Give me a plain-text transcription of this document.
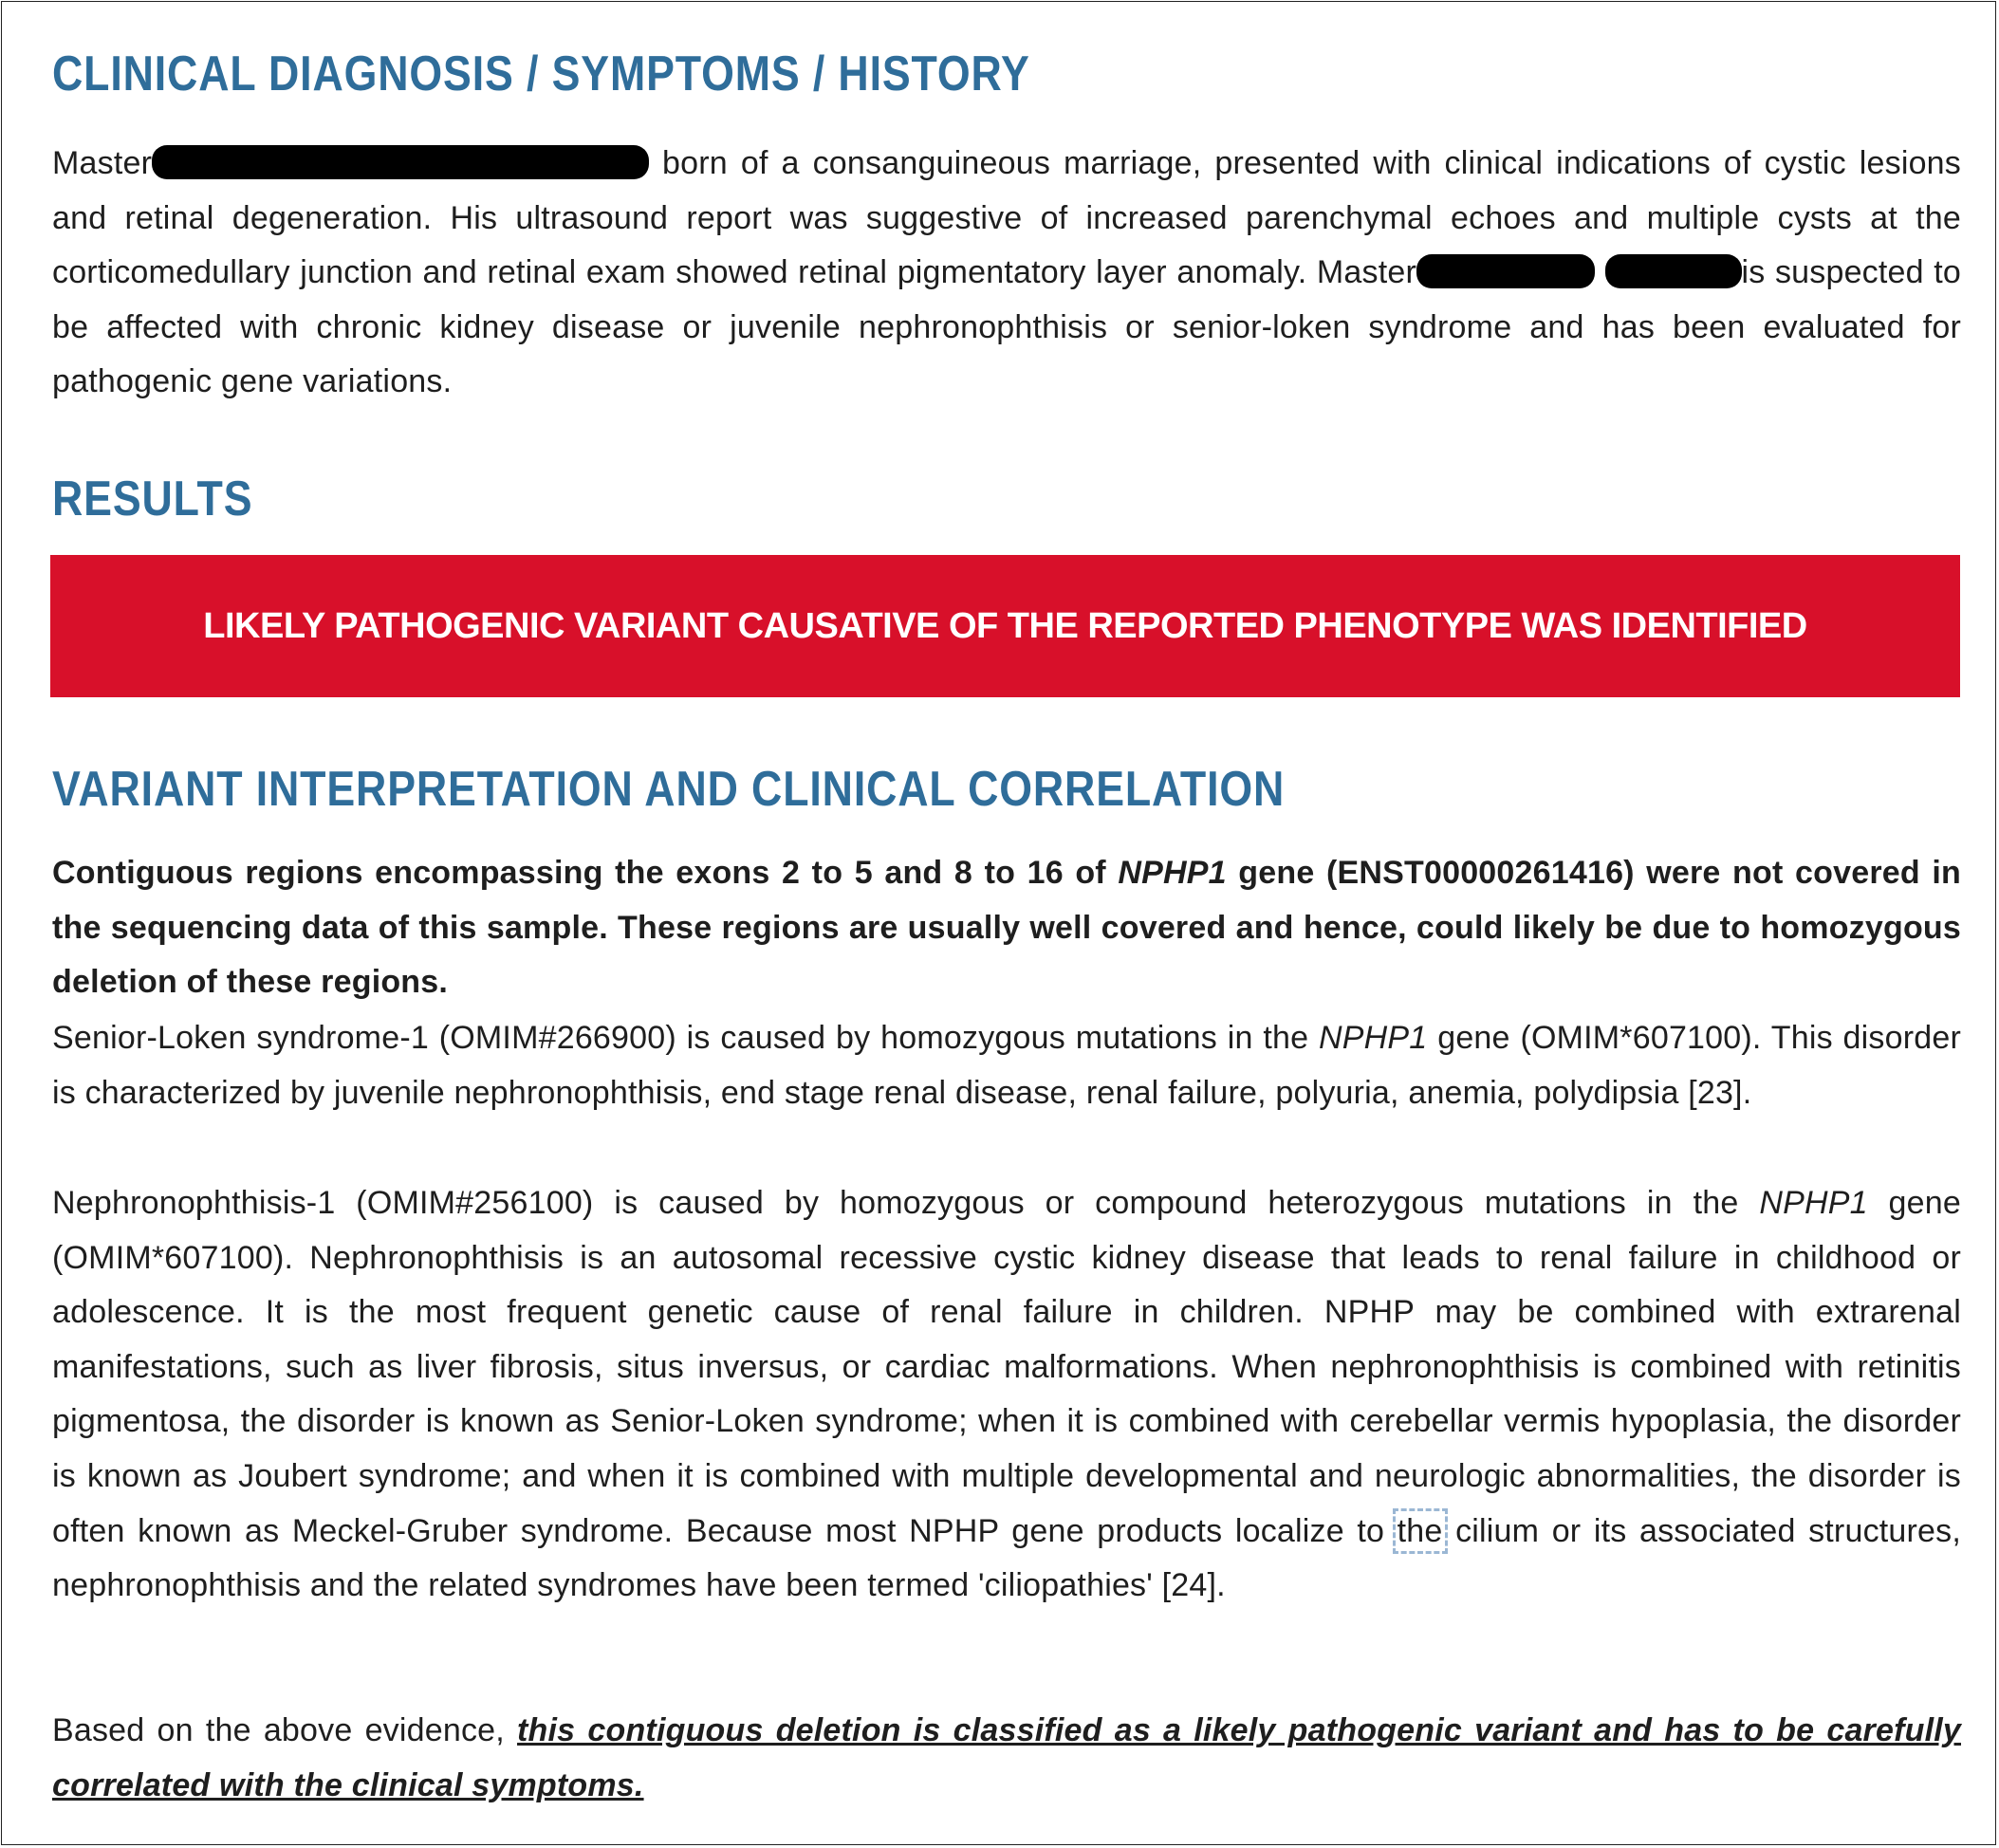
CLINICAL DIAGNOSIS / SYMPTOMS / HISTORY

Master	born of a consanguineous marriage, presented with clinical indications of cystic lesions and retinal degeneration. His ultrasound report was suggestive of increased parenchymal echoes and multiple cysts at the corticomedullary junction and retinal exam showed retinal pigmentatory layer anomaly. Master	is suspected to be affected with chronic kidney disease or juvenile nephronophthisis or senior-loken syndrome and has been evaluated for pathogenic gene variations.

RESULTS
VARIANT INTERPRETATION AND CLINICAL CORRELATION

Contiguous regions encompassing the exons 2 to 5 and 8 to 16 of NPHP1 gene (ENST00000261416) were not covered in the sequencing data of this sample. These regions are usually well covered and hence, could likely be due to homozygous deletion of these regions.

Senior-Loken syndrome-1 (OMIM#266900) is caused by homozygous mutations in the NPHP1 gene (OMIM*607100). This disorder is characterized by juvenile nephronophthisis, end stage renal disease, renal failure, polyuria, anemia, polydipsia [23].

Nephronophthisis-1 (OMIM#256100) is caused by homozygous or compound heterozygous mutations in the NPHP1 gene (OMIM*607100). Nephronophthisis is an autosomal recessive cystic kidney disease that leads to renal failure in childhood or adolescence. It is the most frequent genetic cause of renal failure in children. NPHP may be combined with extrarenal manifestations, such as liver fibrosis, situs inversus, or cardiac malformations. When nephronophthisis is combined with retinitis pigmentosa, the disorder is known as Senior-Loken syndrome; when it is combined with cerebellar vermis hypoplasia, the disorder is known as Joubert syndrome; and when it is combined with multiple developmental and neurologic abnormalities, the disorder is often known as Meckel-Gruber syndrome. Because most NPHP gene products localize to the cilium or its associated structures, nephronophthisis and the related syndromes have been termed 'ciliopathies' [24].

Based on the above evidence, this contiguous deletion is classified as a likely pathogenic variant and has to be carefully correlated with the clinical symptoms.

LIKELY PATHOGENIC VARIANT CAUSATIVE OF THE REPORTED PHENOTYPE WAS IDENTIFIED
